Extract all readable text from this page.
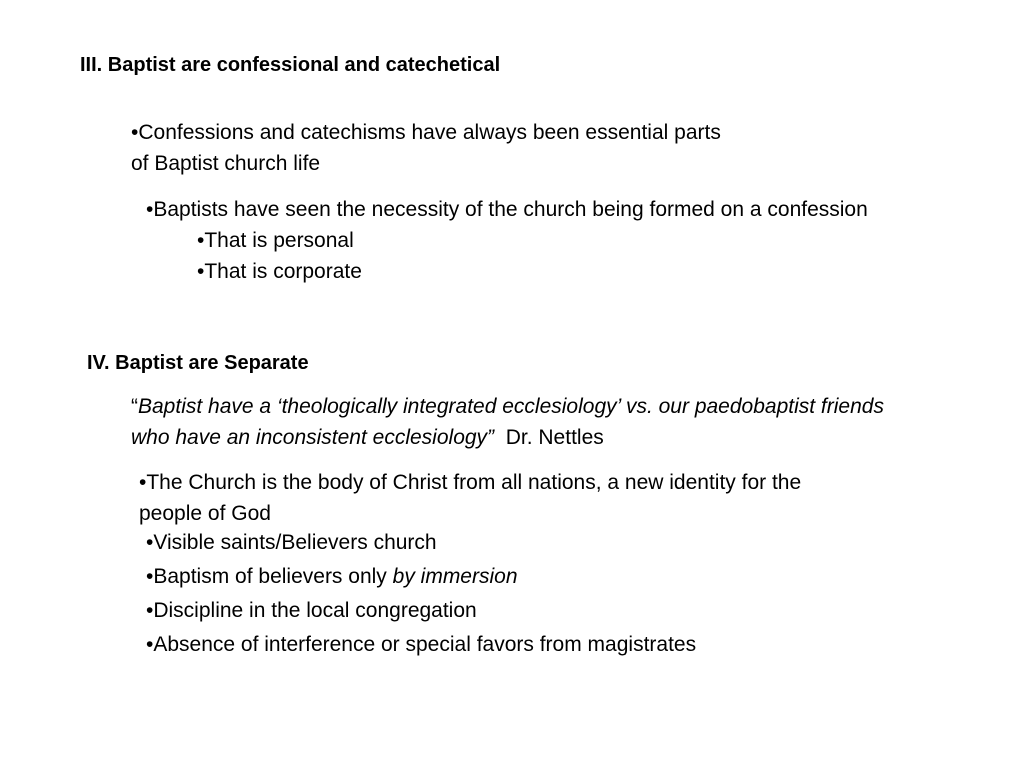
III. Baptist are confessional and catechetical
•Confessions and catechisms have always been essential parts
of Baptist church life
•Baptists have seen the necessity of the church being formed on a confession
•That is personal
•That is corporate
IV. Baptist are Separate
“Baptist have a ‘theologically integrated ecclesiology’ vs. our paedobaptist friends
who have an inconsistent ecclesiology” Dr. Nettles
•The Church is the body of Christ from all nations, a new identity for the
people of God
•Visible saints/Believers church
•Baptism of believers only by immersion
•Discipline in the local congregation
•Absence of interference or special favors from magistrates
